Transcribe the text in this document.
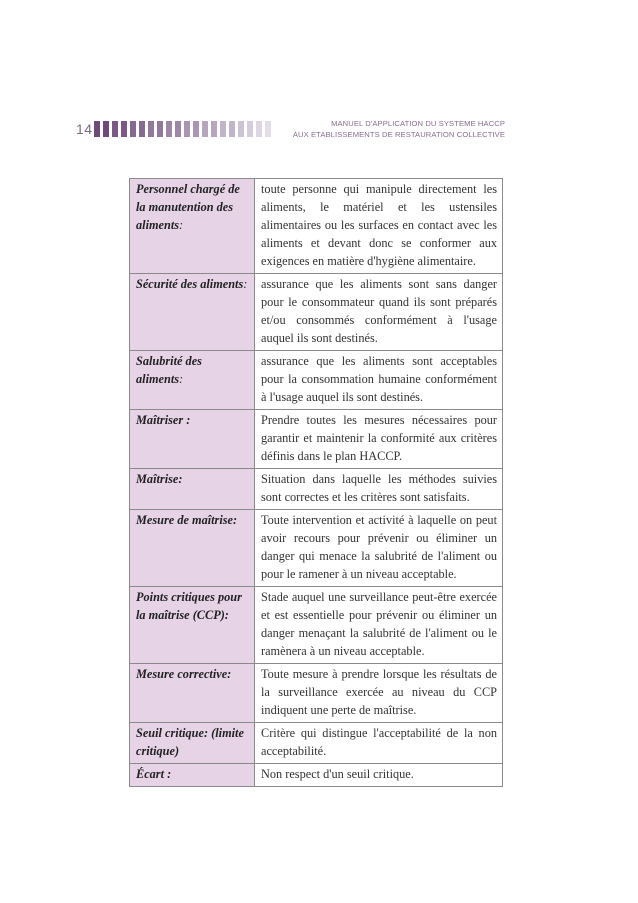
14	MANUEL D'APPLICATION DU SYSTEME HACCP
AUX ETABLISSEMENTS DE RESTAURATION COLLECTIVE
Personnel chargé de la manutention des aliments:	toute personne qui manipule directement les aliments, le matériel et les ustensiles alimentaires ou les surfaces en contact avec les aliments et devant donc se conformer aux exigences en matière d'hygiène alimentaire.
Sécurité des aliments:	assurance que les aliments sont sans danger pour le consommateur quand ils sont préparés et/ou consommés conformément à l'usage auquel ils sont destinés.
Salubrité des aliments:	assurance que les aliments sont acceptables pour la consommation humaine conformément à l'usage auquel ils sont destinés.
Maîtriser :	Prendre toutes les mesures nécessaires pour garantir et maintenir la conformité aux critères définis dans le plan HACCP.
Maîtrise:	Situation dans laquelle les méthodes suivies sont correctes et les critères sont satisfaits.
Mesure de maîtrise:	Toute intervention et activité à laquelle on peut avoir recours pour prévenir ou éliminer un danger qui menace la salubrité de l'aliment ou pour le ramener à un niveau acceptable.
Points critiques pour la maîtrise (CCP):	Stade auquel une surveillance peut-être exercée et est essentielle pour prévenir ou éliminer un danger menaçant la salubrité de l'aliment ou le ramènera à un niveau acceptable.
Mesure corrective:	Toute mesure à prendre lorsque les résultats de la surveillance exercée au niveau du CCP indiquent une perte de maîtrise.
Seuil critique: (limite critique)	Critère qui distingue l'acceptabilité de la non acceptabilité.
Écart :	Non respect d'un seuil critique.
